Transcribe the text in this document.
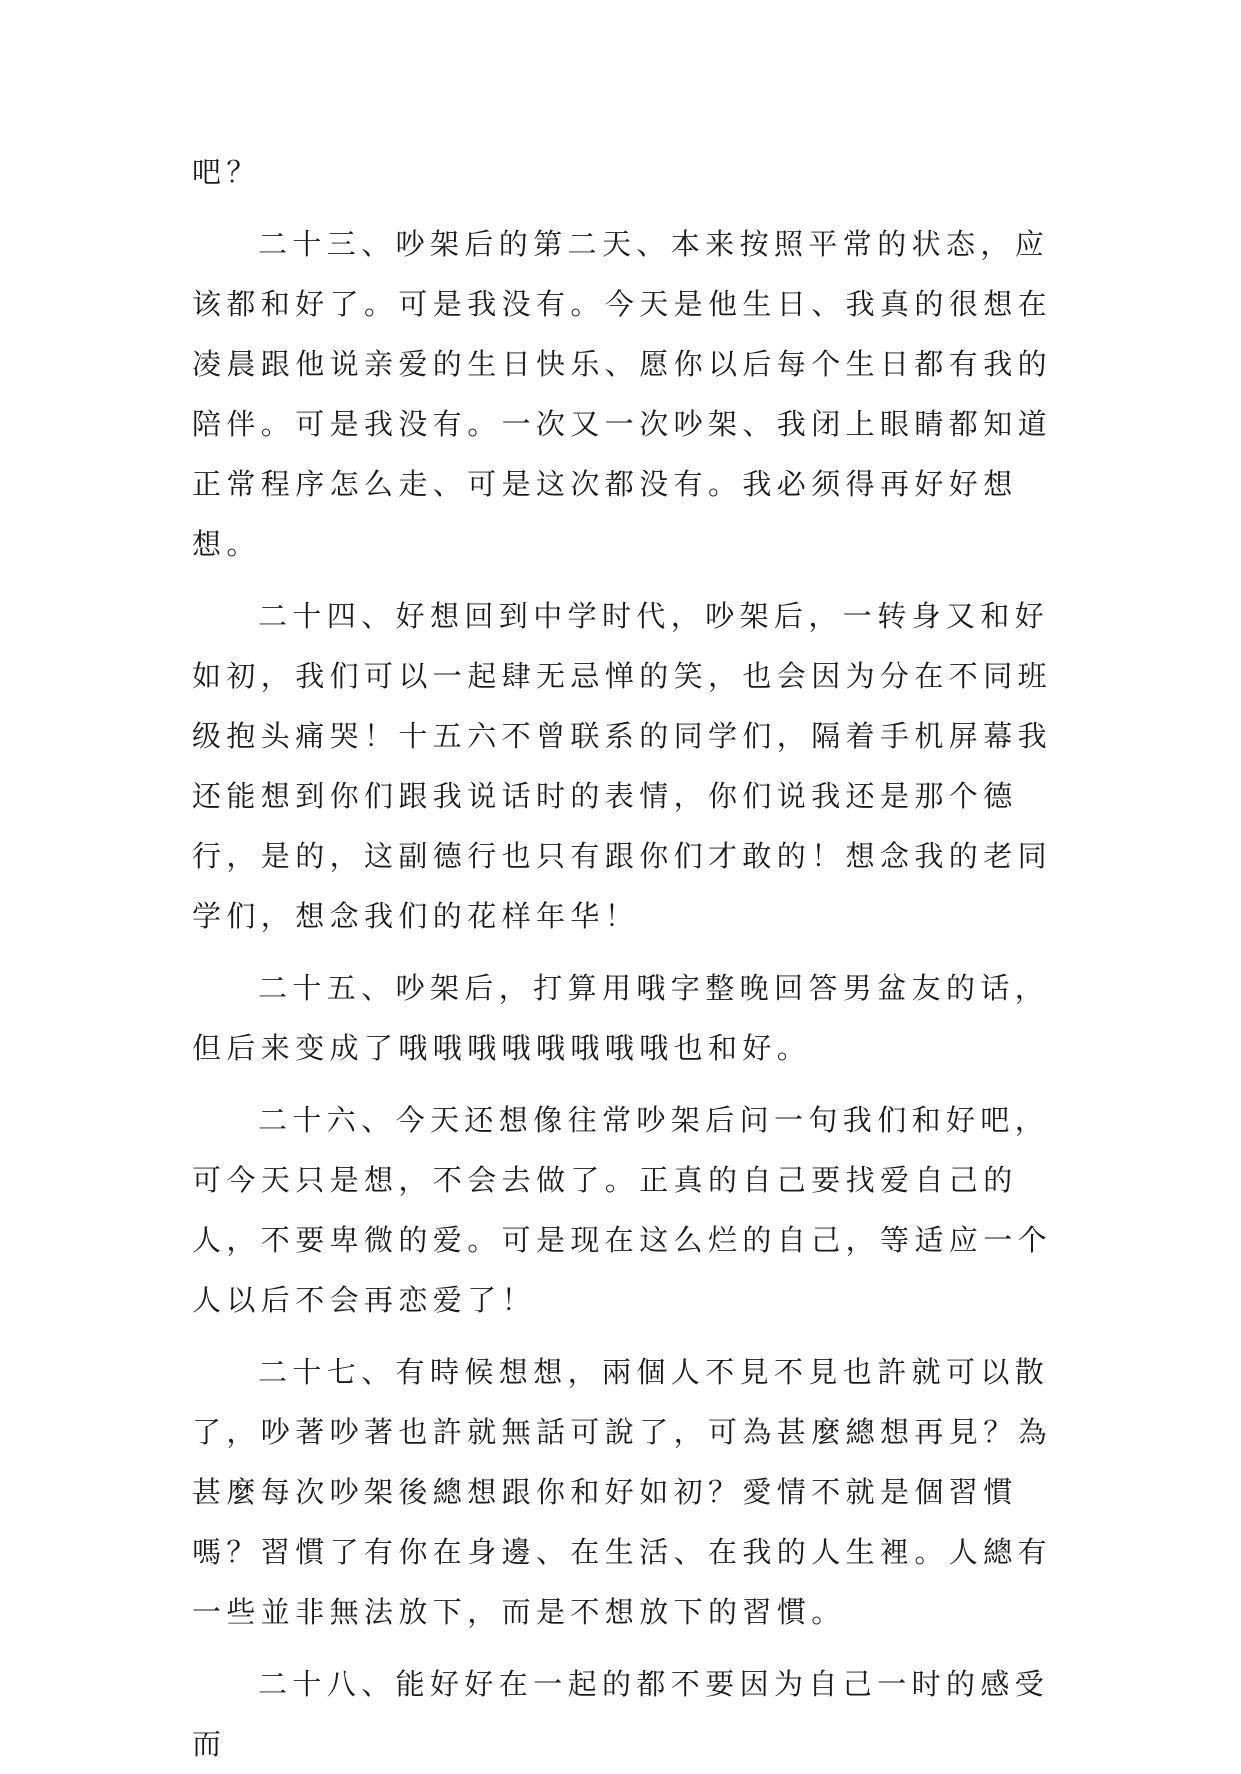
吧？

二十三、吵架后的第二天、本来按照平常的状态，应该都和好了。可是我没有。今天是他生日、我真的很想在凌晨跟他说亲爱的生日快乐、愿你以后每个生日都有我的陪伴。可是我没有。一次又一次吵架、我闭上眼睛都知道正常程序怎么走、可是这次都没有。我必须得再好好想想。

二十四、好想回到中学时代，吵架后，一转身又和好如初，我们可以一起肆无忌惮的笑，也会因为分在不同班级抱头痛哭！十五六不曾联系的同学们，隔着手机屏幕我还能想到你们跟我说话时的表情，你们说我还是那个德行，是的，这副德行也只有跟你们才敢的！想念我的老同学们，想念我们的花样年华！

二十五、吵架后，打算用哦字整晚回答男盆友的话，但后来变成了哦哦哦哦哦哦哦哦也和好。

二十六、今天还想像往常吵架后问一句我们和好吧，可今天只是想，不会去做了。正真的自己要找爱自己的人，不要卑微的爱。可是现在这么烂的自己，等适应一个人以后不会再恋爱了！

二十七、有時候想想，兩個人不見不見也許就可以散了，吵著吵著也許就無話可說了，可為甚麼總想再見？為甚麼每次吵架後總想跟你和好如初？愛情不就是個習慣嗎？習慣了有你在身邊、在生活、在我的人生裡。人總有一些並非無法放下，而是不想放下的習慣。

二十八、能好好在一起的都不要因为自己一时的感受而
